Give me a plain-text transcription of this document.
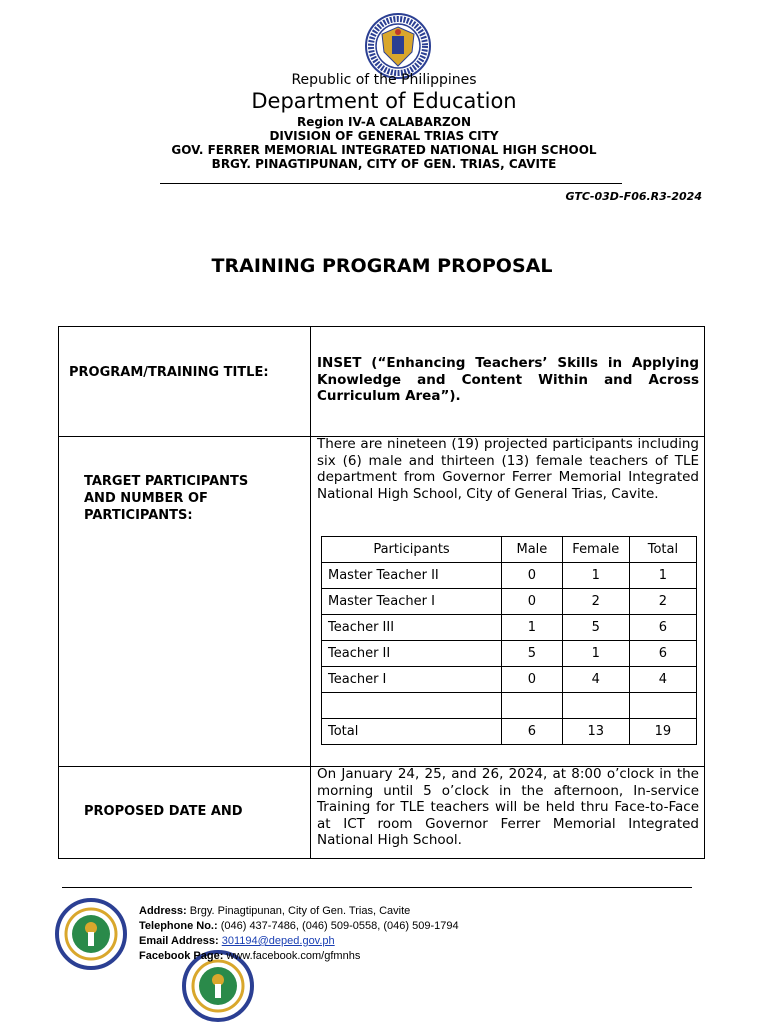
Republic of the Philippines
Department of Education
Region IV-A CALABARZON
DIVISION OF GENERAL TRIAS CITY
GOV. FERRER MEMORIAL INTEGRATED NATIONAL HIGH SCHOOL
BRGY. PINAGTIPUNAN, CITY OF GEN. TRIAS, CAVITE
GTC-03D-F06.R3-2024
TRAINING PROGRAM PROPOSAL
PROGRAM/TRAINING TITLE:
INSET (“Enhancing Teachers’ Skills in Applying Knowledge and Content Within and Across Curriculum Area”).
TARGET PARTICIPANTS
AND NUMBER OF PARTICIPANTS:
There are nineteen (19) projected participants including six (6) male and thirteen (13) female teachers of TLE department from Governor Ferrer Memorial Integrated National High School, City of General Trias, Cavite.
Participants	Male	Female	Total
Master Teacher II	0	1	1
Master Teacher I	0	2	2
Teacher III	1	5	6
Teacher II	5	1	6
Teacher I	0	4	4

Total	6	13	19
PROPOSED DATE AND
On January 24, 25, and 26, 2024, at 8:00 o’clock in the morning until 5 o’clock in the afternoon, In-service Training for TLE teachers will be held thru Face-to-Face at ICT room Governor Ferrer Memorial Integrated National High School.
Address: Brgy. Pinagtipunan, City of Gen. Trias, Cavite
Telephone No.: (046) 437-7486, (046) 509-0558, (046) 509-1794
Email Address: 301194@deped.gov.ph
Facebook Page: www.facebook.com/gfmnhs
